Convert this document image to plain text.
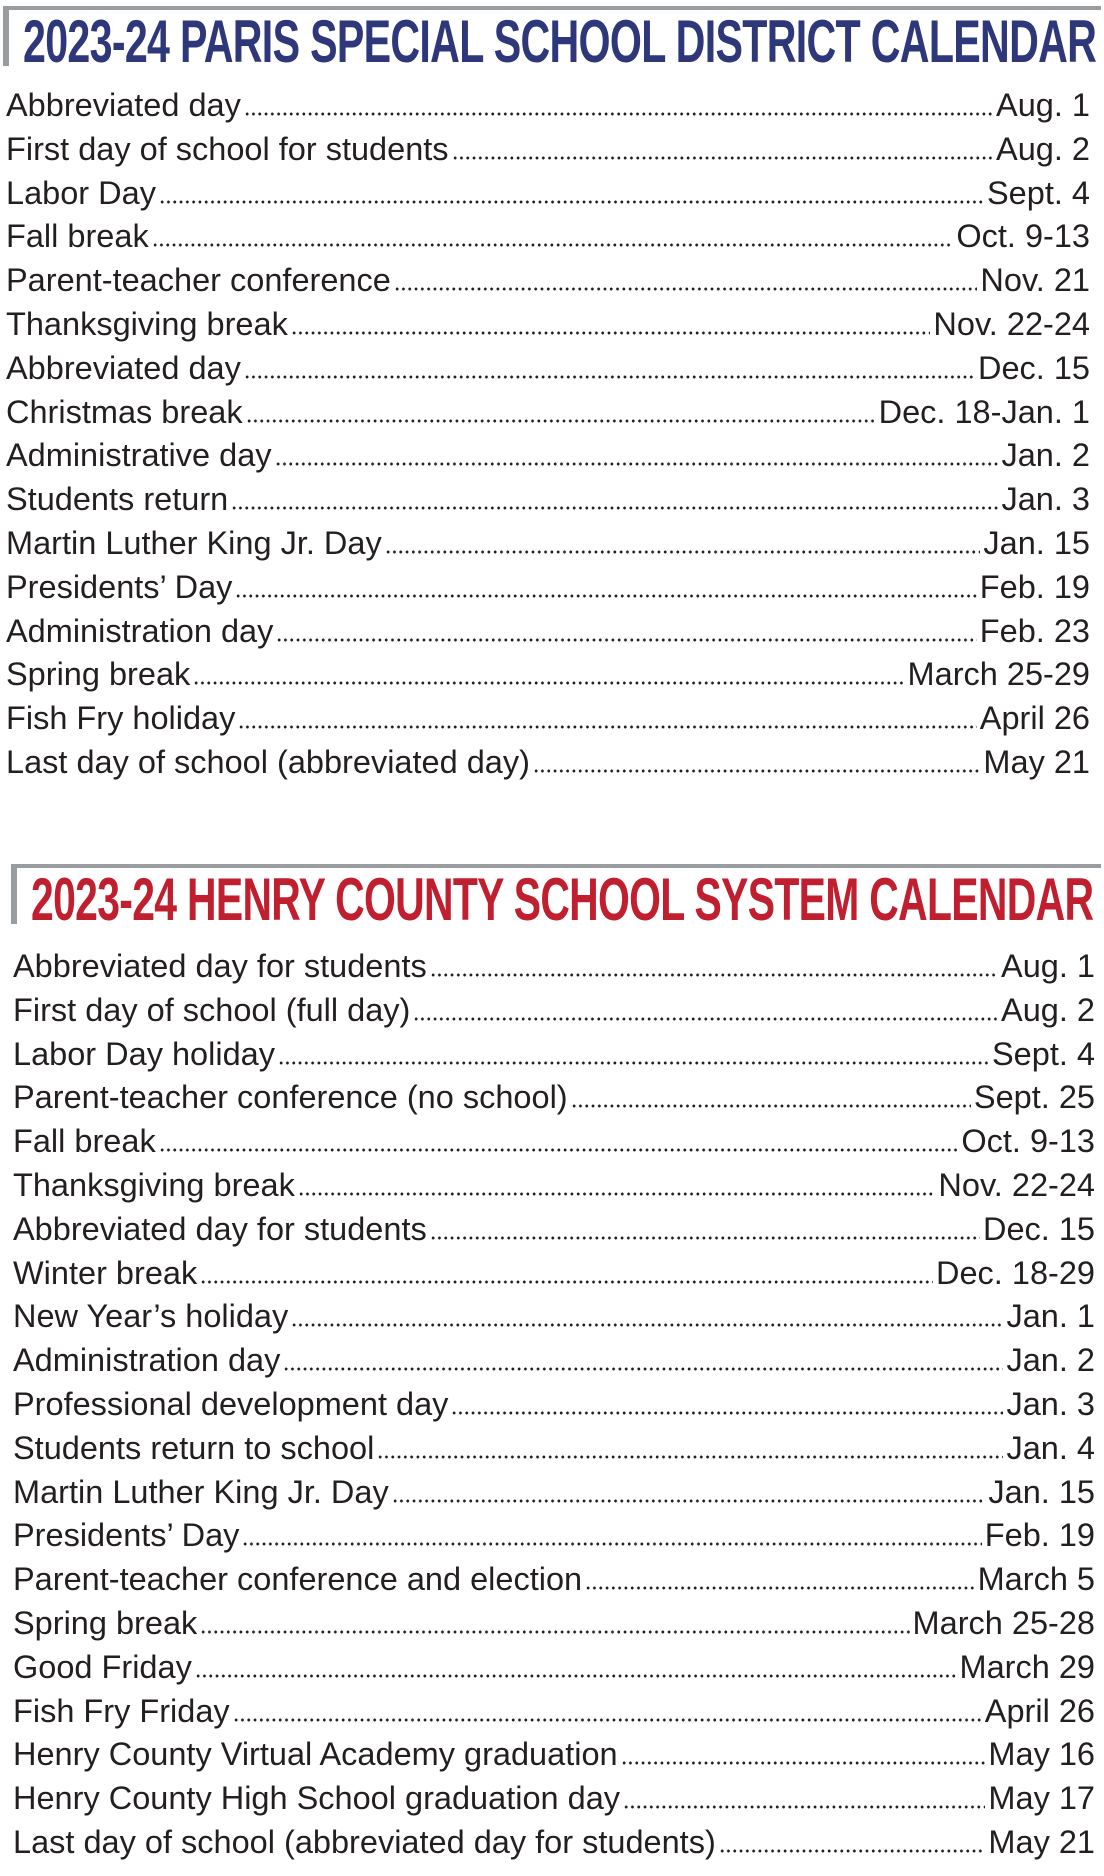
2023-24 PARIS SPECIAL SCHOOL DISTRICT CALENDAR
Abbreviated day	Aug. 1
First day of school for students	Aug. 2
Labor Day	Sept. 4
Fall break	Oct. 9-13
Parent-teacher conference	Nov. 21
Thanksgiving break	Nov. 22-24
Abbreviated day	Dec. 15
Christmas break	Dec. 18-Jan. 1
Administrative day	Jan. 2
Students return	Jan. 3
Martin Luther King Jr. Day	Jan. 15
Presidents’ Day	Feb. 19
Administration day	Feb. 23
Spring break	March 25-29
Fish Fry holiday	April 26
Last day of school (abbreviated day)	May 21
2023-24 HENRY COUNTY SCHOOL SYSTEM CALENDAR
Abbreviated day for students	Aug. 1
First day of school (full day)	Aug. 2
Labor Day holiday	Sept. 4
Parent-teacher conference (no school)	Sept. 25
Fall break	Oct. 9-13
Thanksgiving break	Nov. 22-24
Abbreviated day for students	Dec. 15
Winter break	Dec. 18-29
New Year’s holiday	Jan. 1
Administration day	Jan. 2
Professional development day	Jan. 3
Students return to school	Jan. 4
Martin Luther King Jr. Day	Jan. 15
Presidents’ Day	Feb. 19
Parent-teacher conference and election	March 5
Spring break	March 25-28
Good Friday	March 29
Fish Fry Friday	April 26
Henry County Virtual Academy graduation	May 16
Henry County High School graduation day	May 17
Last day of school (abbreviated day for students)	May 21
